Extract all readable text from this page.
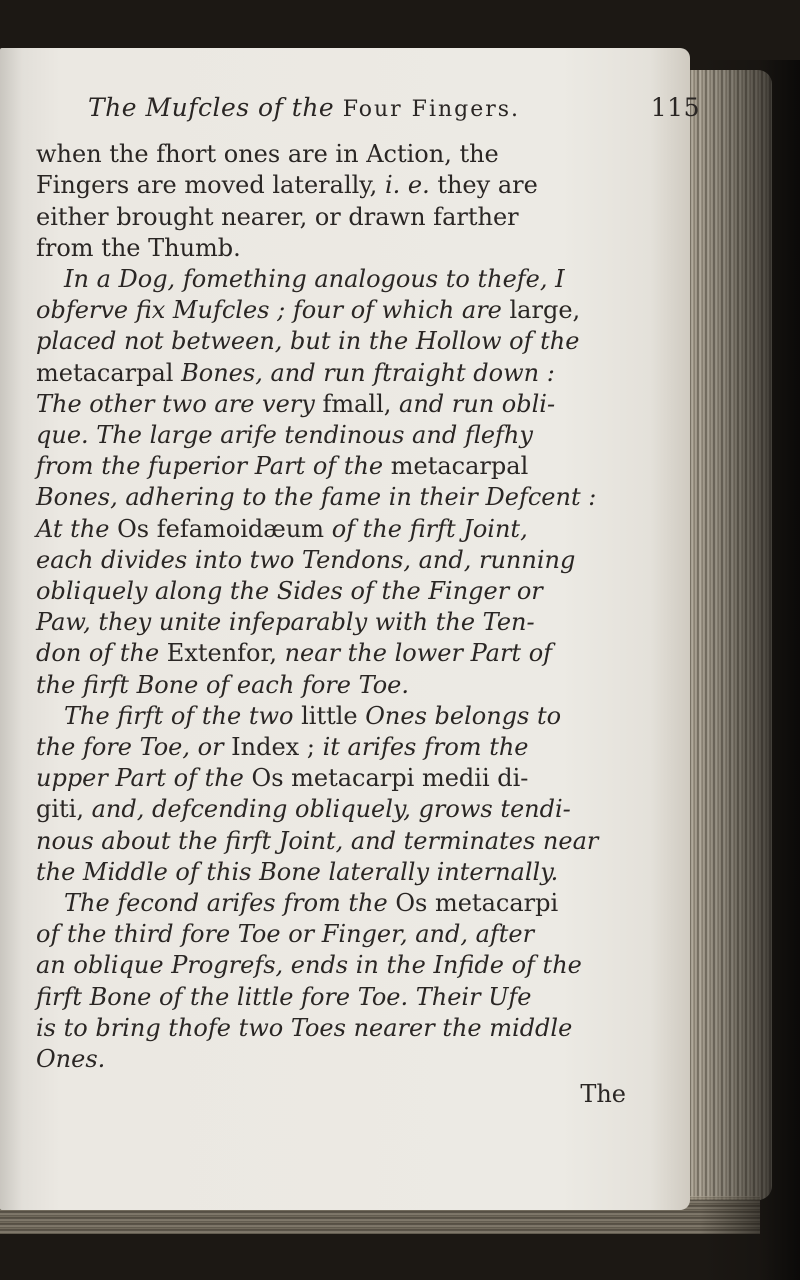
The Mufcles of the Four Fingers.	115
when the fhort ones are in Action, the
Fingers are moved laterally, i. e. they are
either brought nearer, or drawn farther
from the Thumb.
In a Dog, fomething analogous to thefe, I
obferve fix Mufcles ; four of which are large,
placed not between, but in the Hollow of the
metacarpal Bones, and run ftraight down :
The other two are very fmall, and run obli-
que. The large arife tendinous and flefhy
from the fuperior Part of the metacarpal
Bones, adhering to the fame in their Defcent :
At the Os fefamoidæum of the firft Joint,
each divides into two Tendons, and, running
obliquely along the Sides of the Finger or
Paw, they unite infeparably with the Ten-
don of the Extenfor, near the lower Part of
the firft Bone of each fore Toe.
The firft of the two little Ones belongs to
the fore Toe, or Index ; it arifes from the
upper Part of the Os metacarpi medii di-
giti, and, defcending obliquely, grows tendi-
nous about the firft Joint, and terminates near
the Middle of this Bone laterally internally.
The fecond arifes from the Os metacarpi
of the third fore Toe or Finger, and, after
an oblique Progrefs, ends in the Infide of the
firft Bone of the little fore Toe. Their Ufe
is to bring thofe two Toes nearer the middle
Ones.
The
